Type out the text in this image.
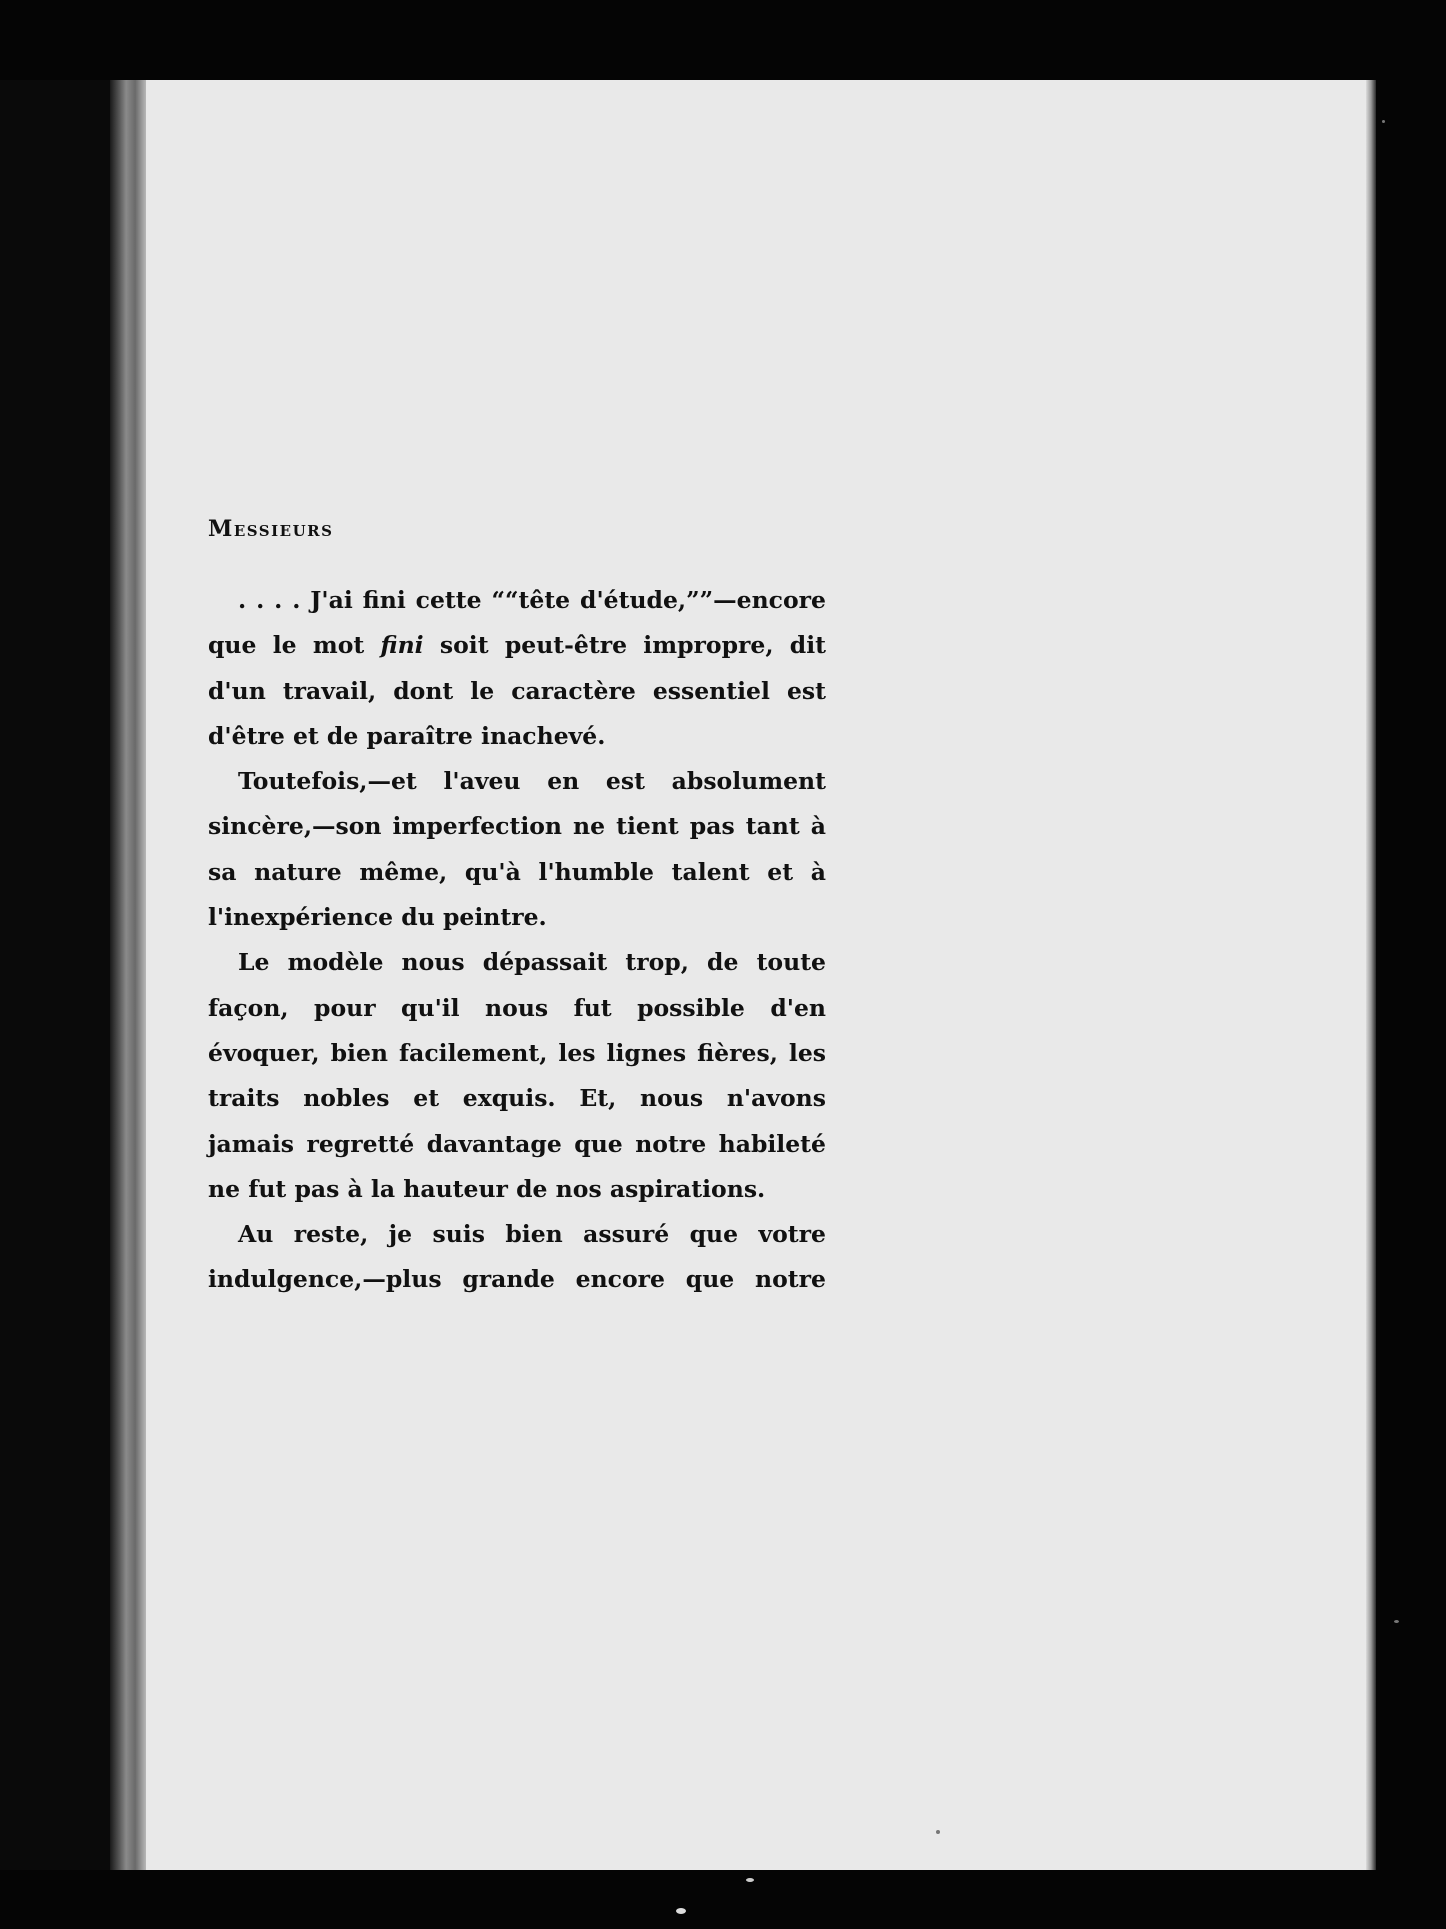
Messieurs

. . . . J'ai fini cette ““tête d'étude,””—encore que le mot fini soit peut-être impropre, dit d'un travail, dont le caractère essentiel est d'être et de paraître inachevé.

Toutefois,—et l'aveu en est absolument sincère,—son imperfection ne tient pas tant à sa nature même, qu'à l'humble talent et à l'inexpérience du peintre.

Le modèle nous dépassait trop, de toute façon, pour qu'il nous fut possible d'en évoquer, bien facilement, les lignes fières, les traits nobles et exquis. Et, nous n'avons jamais regretté davantage que notre habileté ne fut pas à la hauteur de nos aspirations.

Au reste, je suis bien assuré que votre indulgence,—plus grande encore que notre
